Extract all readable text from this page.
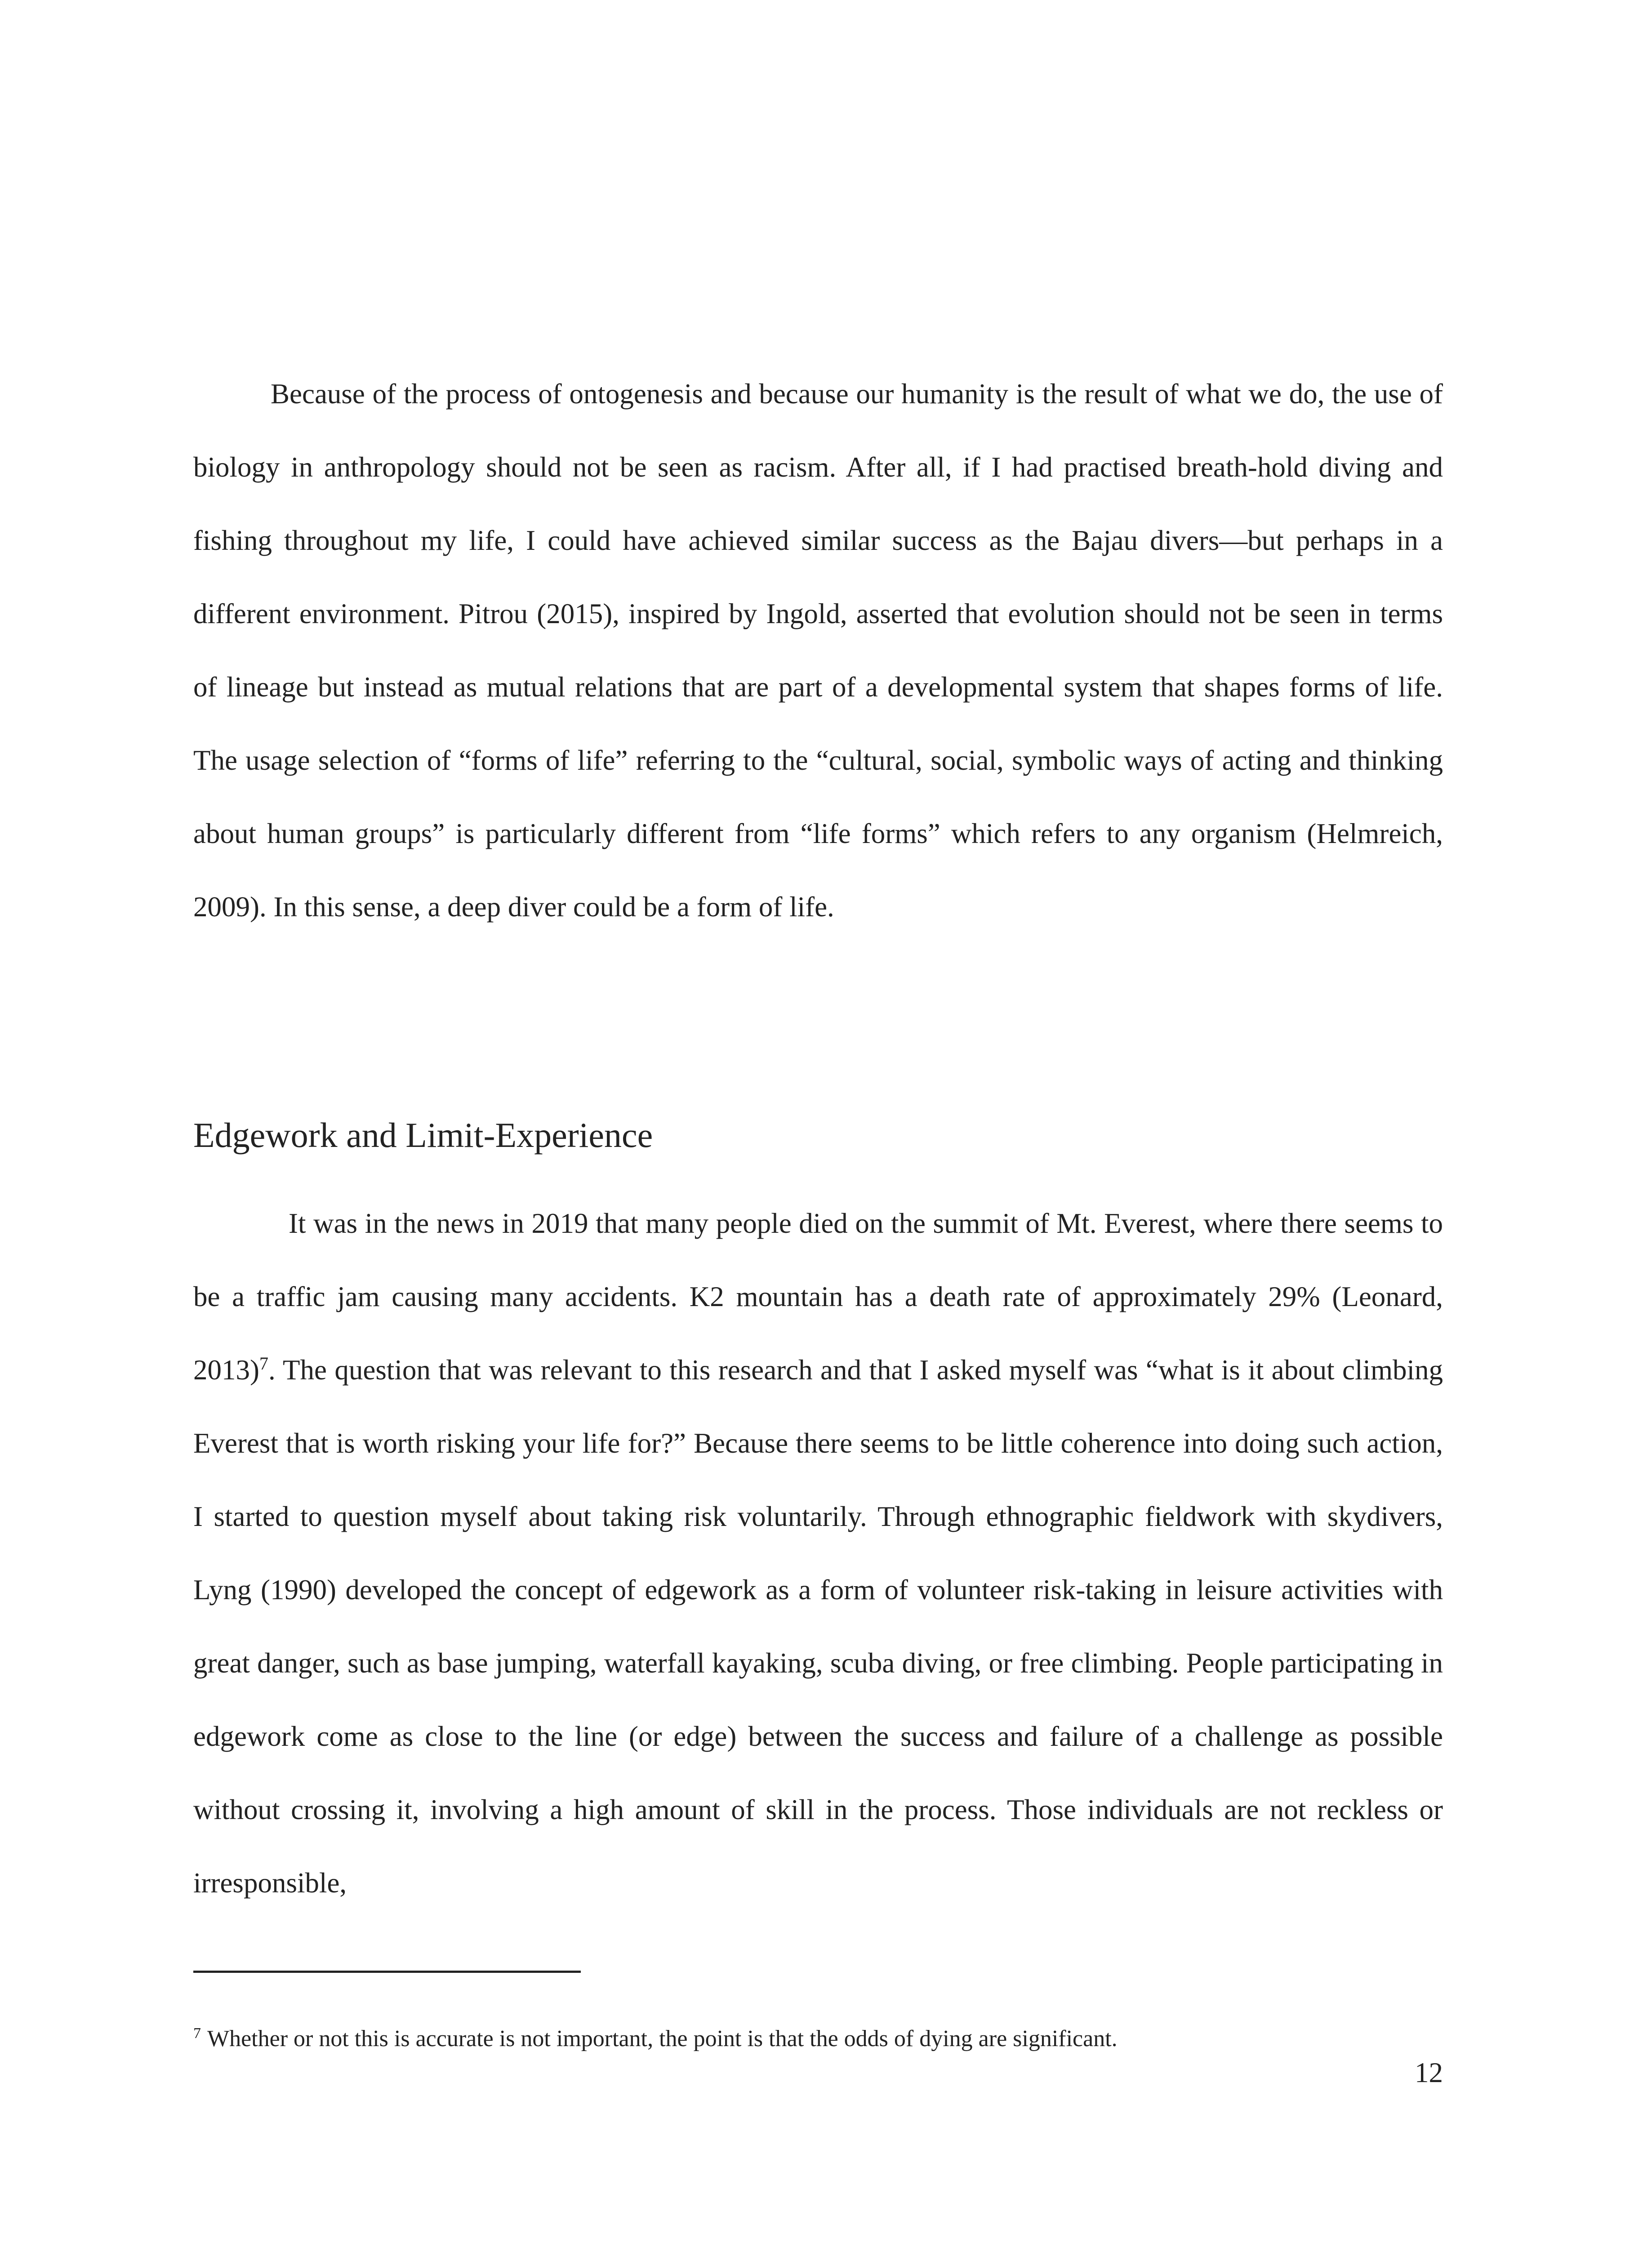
Because of the process of ontogenesis and because our humanity is the result of what we do, the use of biology in anthropology should not be seen as racism. After all, if I had practised breath-hold diving and fishing throughout my life, I could have achieved similar success as the Bajau divers—but perhaps in a different environment. Pitrou (2015), inspired by Ingold, asserted that evolution should not be seen in terms of lineage but instead as mutual relations that are part of a developmental system that shapes forms of life. The usage selection of “forms of life” referring to the “cultural, social, symbolic ways of acting and thinking about human groups” is particularly different from “life forms” which refers to any organism (Helmreich, 2009). In this sense, a deep diver could be a form of life.

Edgework and Limit-Experience

It was in the news in 2019 that many people died on the summit of Mt. Everest, where there seems to be a traffic jam causing many accidents. K2 mountain has a death rate of approximately 29% (Leonard, 2013)$^7$. The question that was relevant to this research and that I asked myself was “what is it about climbing Everest that is worth risking your life for?” Because there seems to be little coherence into doing such action, I started to question myself about taking risk voluntarily. Through ethnographic fieldwork with skydivers, Lyng (1990) developed the concept of edgework as a form of volunteer risk-taking in leisure activities with great danger, such as base jumping, waterfall kayaking, scuba diving, or free climbing. People participating in edgework come as close to the line (or edge) between the success and failure of a challenge as possible without crossing it, involving a high amount of skill in the process. Those individuals are not reckless or irresponsible,

$^7$ Whether or not this is accurate is not important, the point is that the odds of dying are significant.

12
